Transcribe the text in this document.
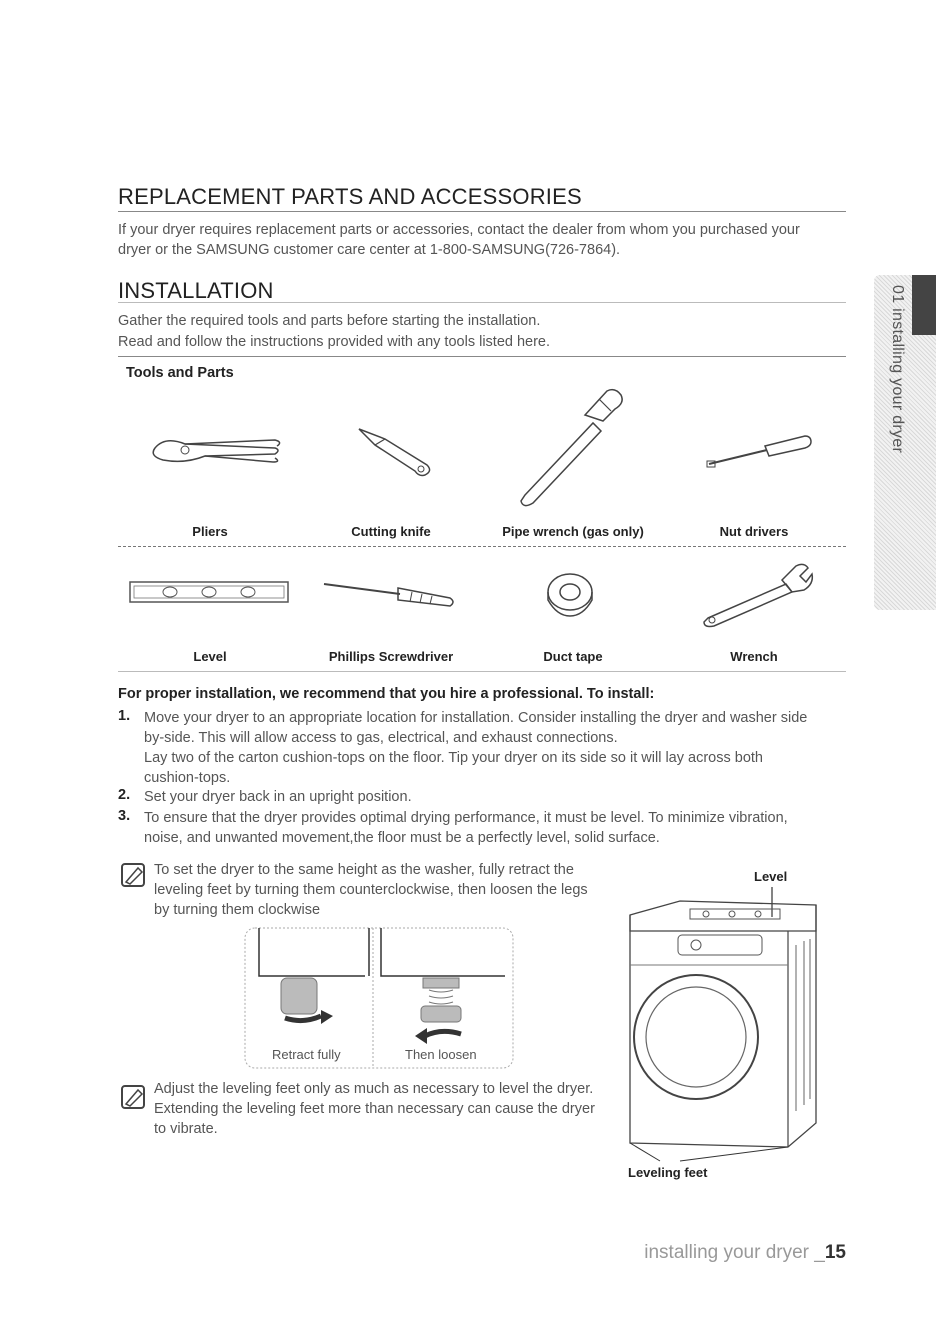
REPLACEMENT PARTS AND ACCESSORIES
If your dryer requires replacement parts or accessories, contact the dealer from whom you purchased your
dryer or the SAMSUNG customer care center at 1-800-SAMSUNG(726-7864).
INSTALLATION
Gather the required tools and parts before starting the installation.
Read and follow the instructions provided with any tools listed here.
Tools and Parts
Pliers	Cutting knife	Pipe wrench (gas only)	Nut drivers
Level	Phillips Screwdriver	Duct tape	Wrench
For proper installation, we recommend that you hire a professional. To install:
1. Move your dryer to an appropriate location for installation. Consider installing the dryer and washer side
by-side. This will allow access to gas, electrical, and exhaust connections.
Lay two of the carton cushion-tops on the floor. Tip your dryer on its side so it will lay across both
cushion-tops.
2. Set your dryer back in an upright position.
3. To ensure that the dryer provides optimal drying performance, it must be level. To minimize vibration,
noise, and unwanted movement,the floor must be a perfectly level, solid surface.
To set the dryer to the same height as the washer, fully retract the
leveling feet by turning them counterclockwise, then loosen the legs
by turning them clockwise
Retract fully	Then loosen
Adjust the leveling feet only as much as necessary to level the dryer.
Extending the leveling feet more than necessary can cause the dryer
to vibrate.
Level
Leveling feet
01 installing your dryer
installing your dryer _15
